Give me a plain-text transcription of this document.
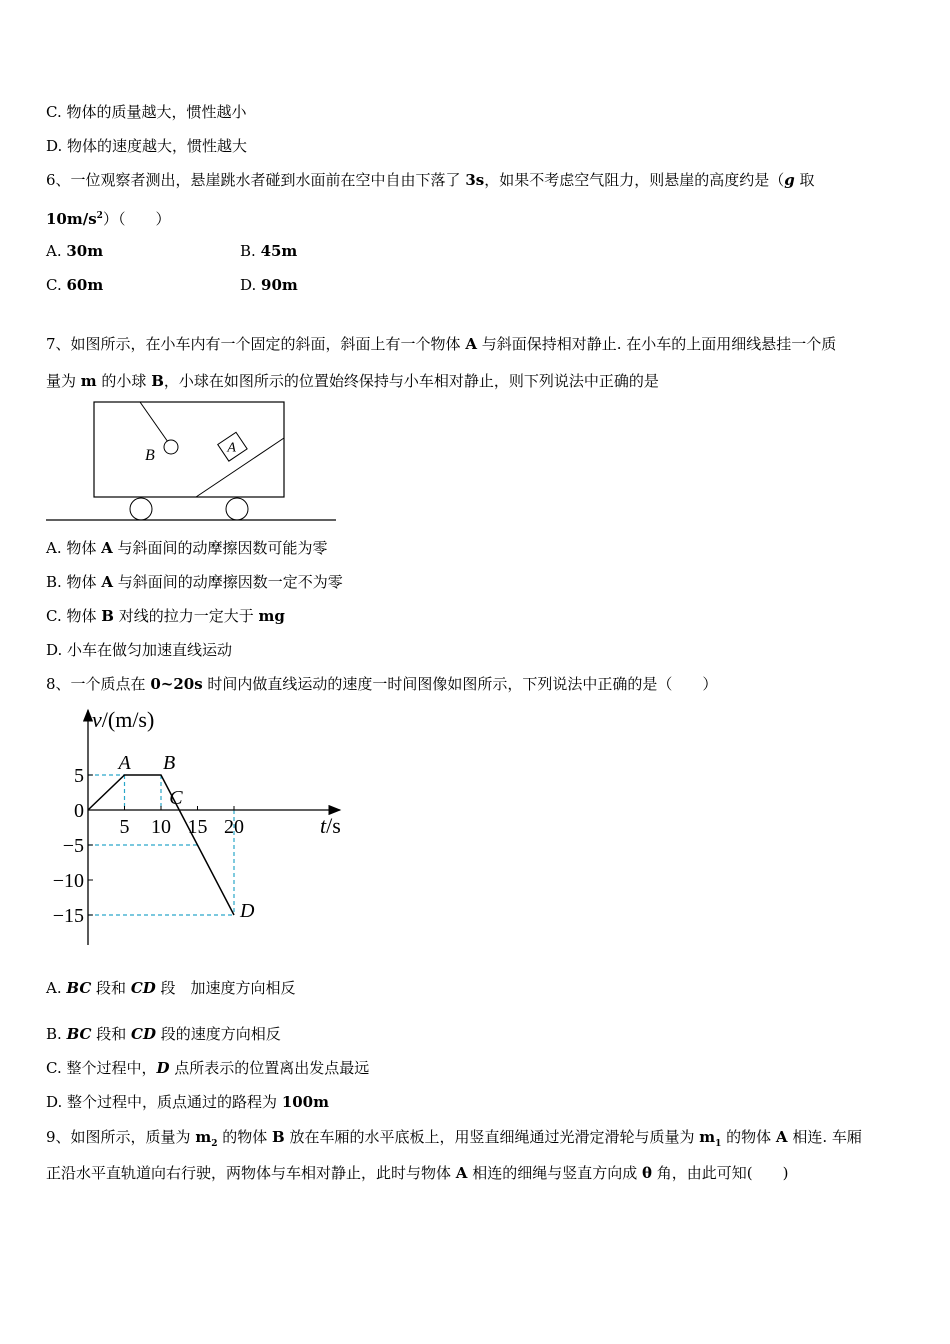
C. 物体的质量越大，惯性越小
D. 物体的速度越大，惯性越大
6、一位观察者测出，悬崖跳水者碰到水面前在空中自由下落了 3s，如果不考虑空气阻力，则悬崖的高度约是（g 取
$10m/s^2$）（　　）
A. 30m	B. 45m
C. 60m	D. 90m
7、如图所示，在小车内有一个固定的斜面，斜面上有一个物体 A 与斜面保持相对静止. 在小车的上面用细线悬挂一个质
量为 m 的小球 B，小球在如图所示的位置始终保持与小车相对静止，则下列说法中正确的是
B	A
A. 物体 A 与斜面间的动摩擦因数可能为零
B. 物体 A 与斜面间的动摩擦因数一定不为零
C. 物体 B 对线的拉力一定大于 mg
D. 小车在做匀加速直线运动
8、一个质点在 0~20s 时间内做直线运动的速度一时间图像如图所示，下列说法中正确的是（　　）
5 10 15 20
5
0
−5
−10
−15
A B
C
D
v/(m/s)
t/s
A. BC 段和 CD 段　加速度方向相反
B. BC 段和 CD 段的速度方向相反
C. 整个过程中，D 点所表示的位置离出发点最远
D. 整个过程中，质点通过的路程为 100m
9、如图所示，质量为 $m_2$ 的物体 B 放在车厢的水平底板上，用竖直细绳通过光滑定滑轮与质量为 $m_1$ 的物体 A 相连. 车厢
正沿水平直轨道向右行驶，两物体与车相对静止，此时与物体 A 相连的细绳与竖直方向成 θ 角，由此可知(　　)
